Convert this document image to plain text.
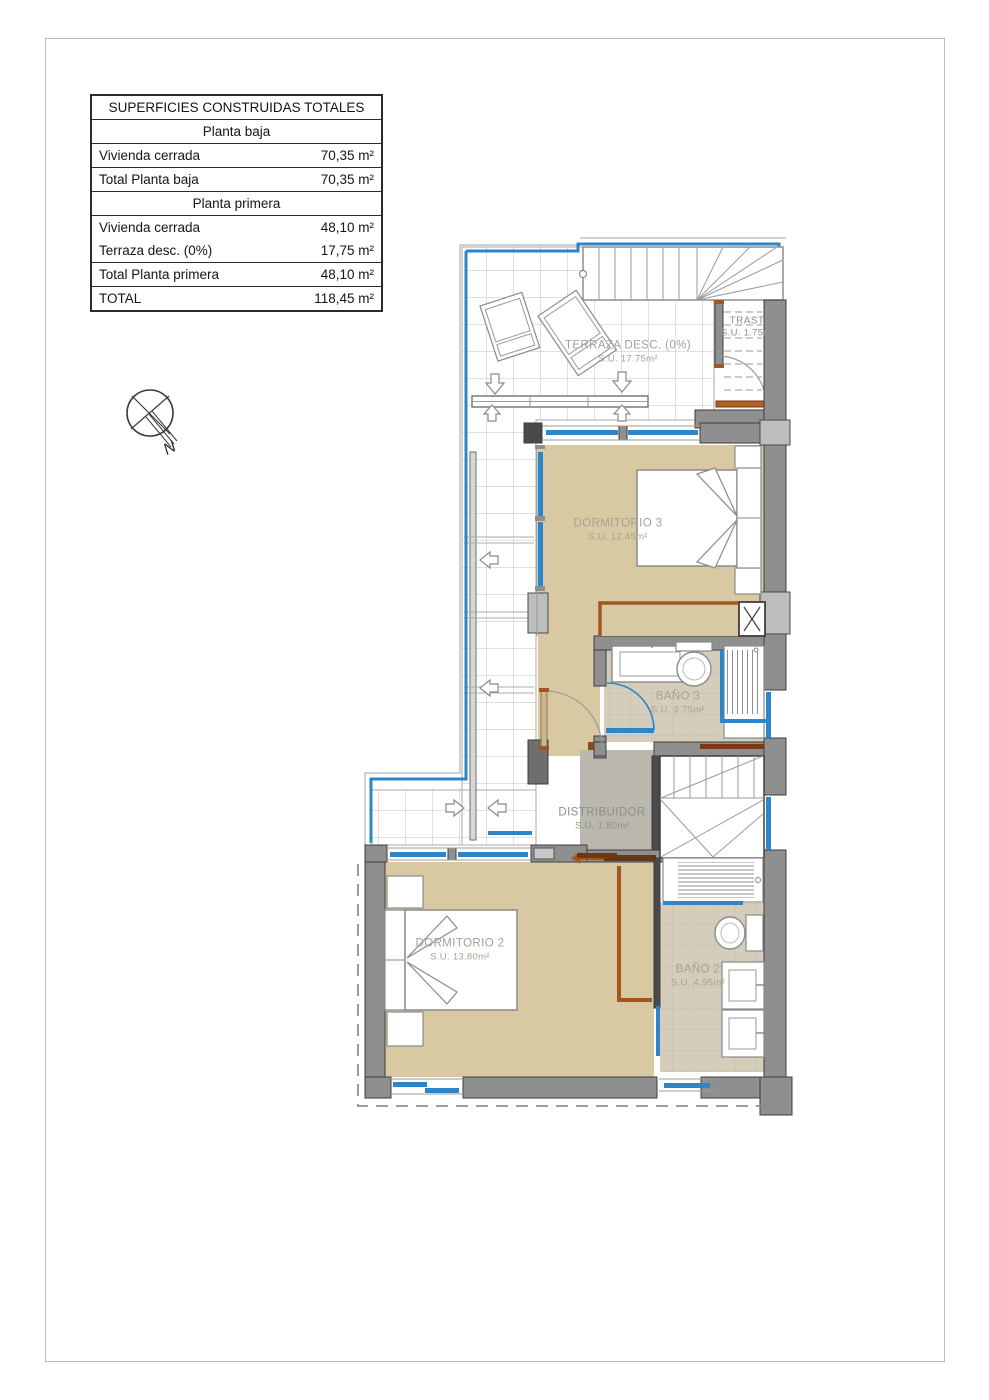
SUPERFICIES CONSTRUIDAS TOTALES
Planta baja
Vivienda cerrada	70,35 m²
Total Planta baja	70,35 m²
Planta primera
Vivienda cerrada	48,10 m²
Terraza desc. (0%)	17,75 m²
Total Planta primera	48,10 m²
TOTAL	118,45 m²
N
TERRAZA DESC. (0%)
S.U. 17.75m²
TRAST.
S.U. 1.75m²
DORMITORIO 3
S.U. 12.45m²
BAÑO 3
S.U. 3.75m²
DISTRIBUIDOR
S.U. 1.80m²
DORMITORIO 2
S.U. 13.80m²
BAÑO 2
S.U. 4.95m²
